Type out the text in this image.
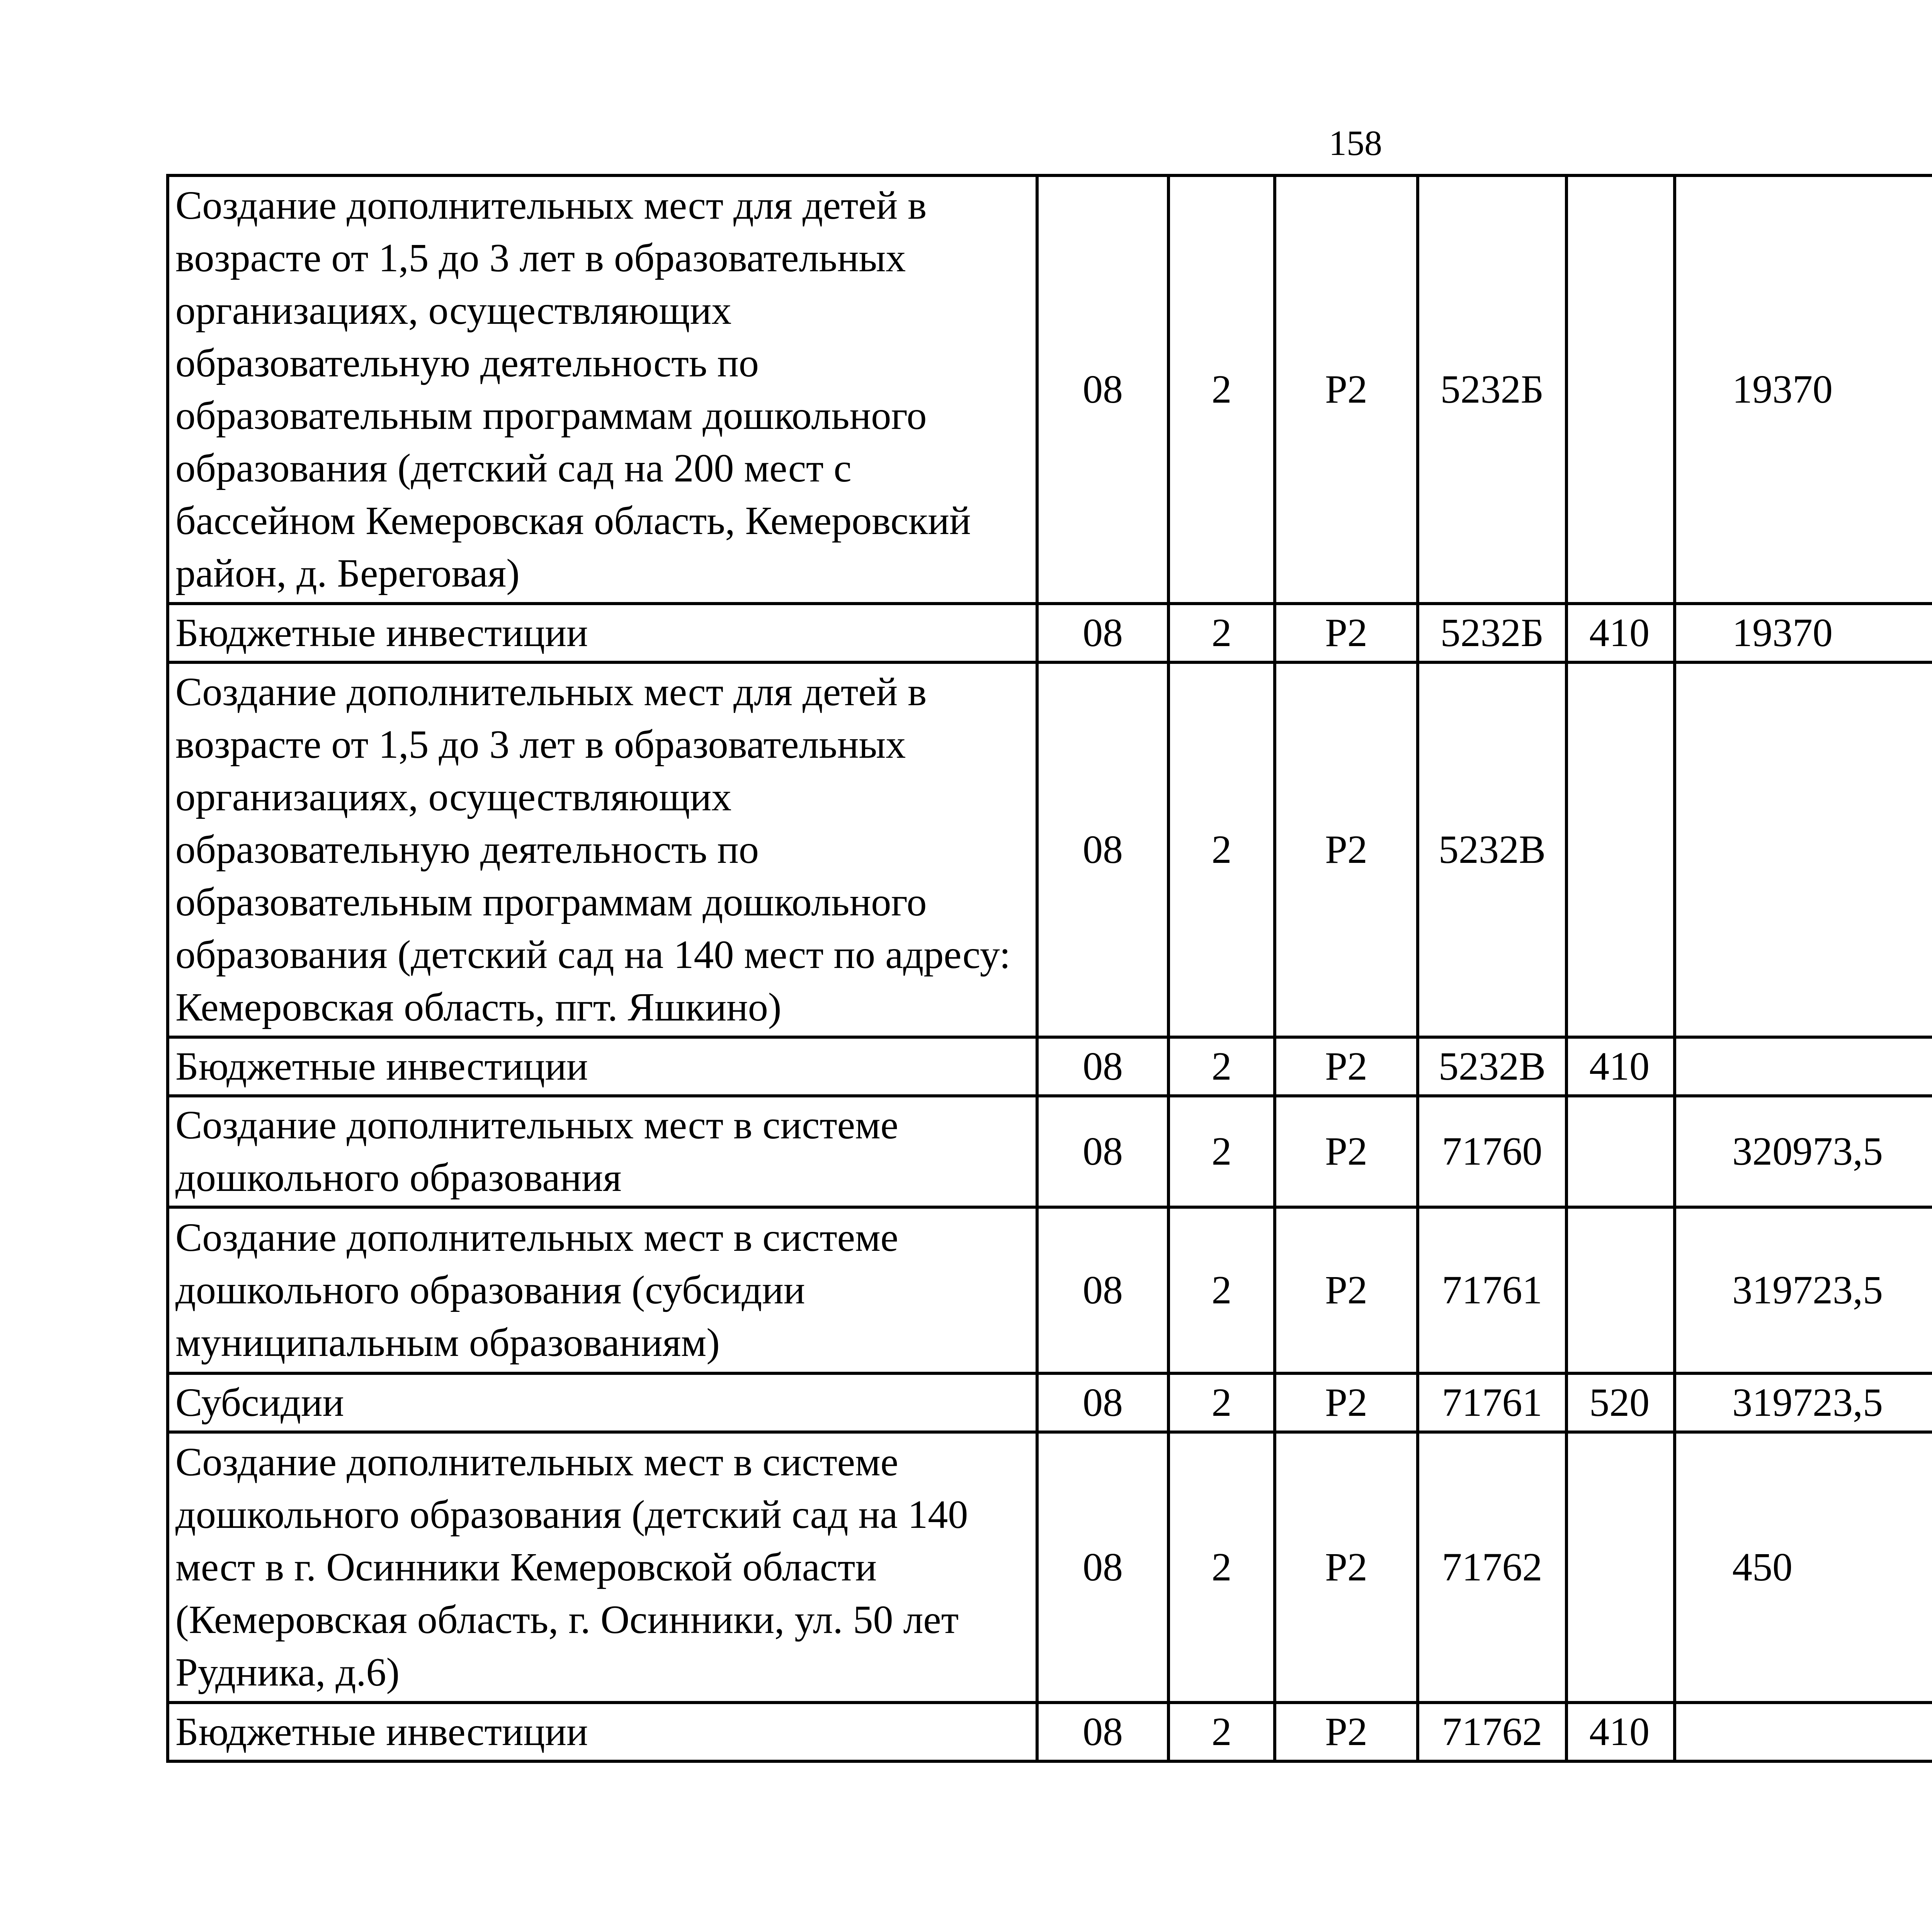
158
Создание дополнительных мест для детей в возрасте от 1,5 до 3 лет в образовательных организациях, осуществляющих образовательную деятельность по образовательным программам дошкольного образования (детский сад на 200 мест с бассейном Кемеровская область, Кемеровский район, д. Береговая)	08	2	P2	5232Б		19370		
Бюджетные инвестиции	08	2	P2	5232Б	410	19370		
Создание дополнительных мест для детей в возрасте от 1,5 до 3 лет в образовательных организациях, осуществляющих образовательную деятельность по образовательным программам дошкольного образования (детский сад на 140 мест по адресу: Кемеровская область, пгт. Яшкино)	08	2	P2	5232В				
Бюджетные инвестиции	08	2	P2	5232В	410			
Создание дополнительных мест в системе дошкольного образования	08	2	P2	71760		320973,5		
Создание дополнительных мест в системе дошкольного образования (субсидии муниципальным образованиям)	08	2	P2	71761		319723,5		
Субсидии	08	2	P2	71761	520	319723,5		
Создание дополнительных мест в системе дошкольного образования (детский сад на 140 мест в г. Осинники Кемеровской области (Кемеровская область, г. Осинники, ул. 50 лет Рудника, д.6)	08	2	P2	71762		450		
Бюджетные инвестиции	08	2	P2	71762	410			
